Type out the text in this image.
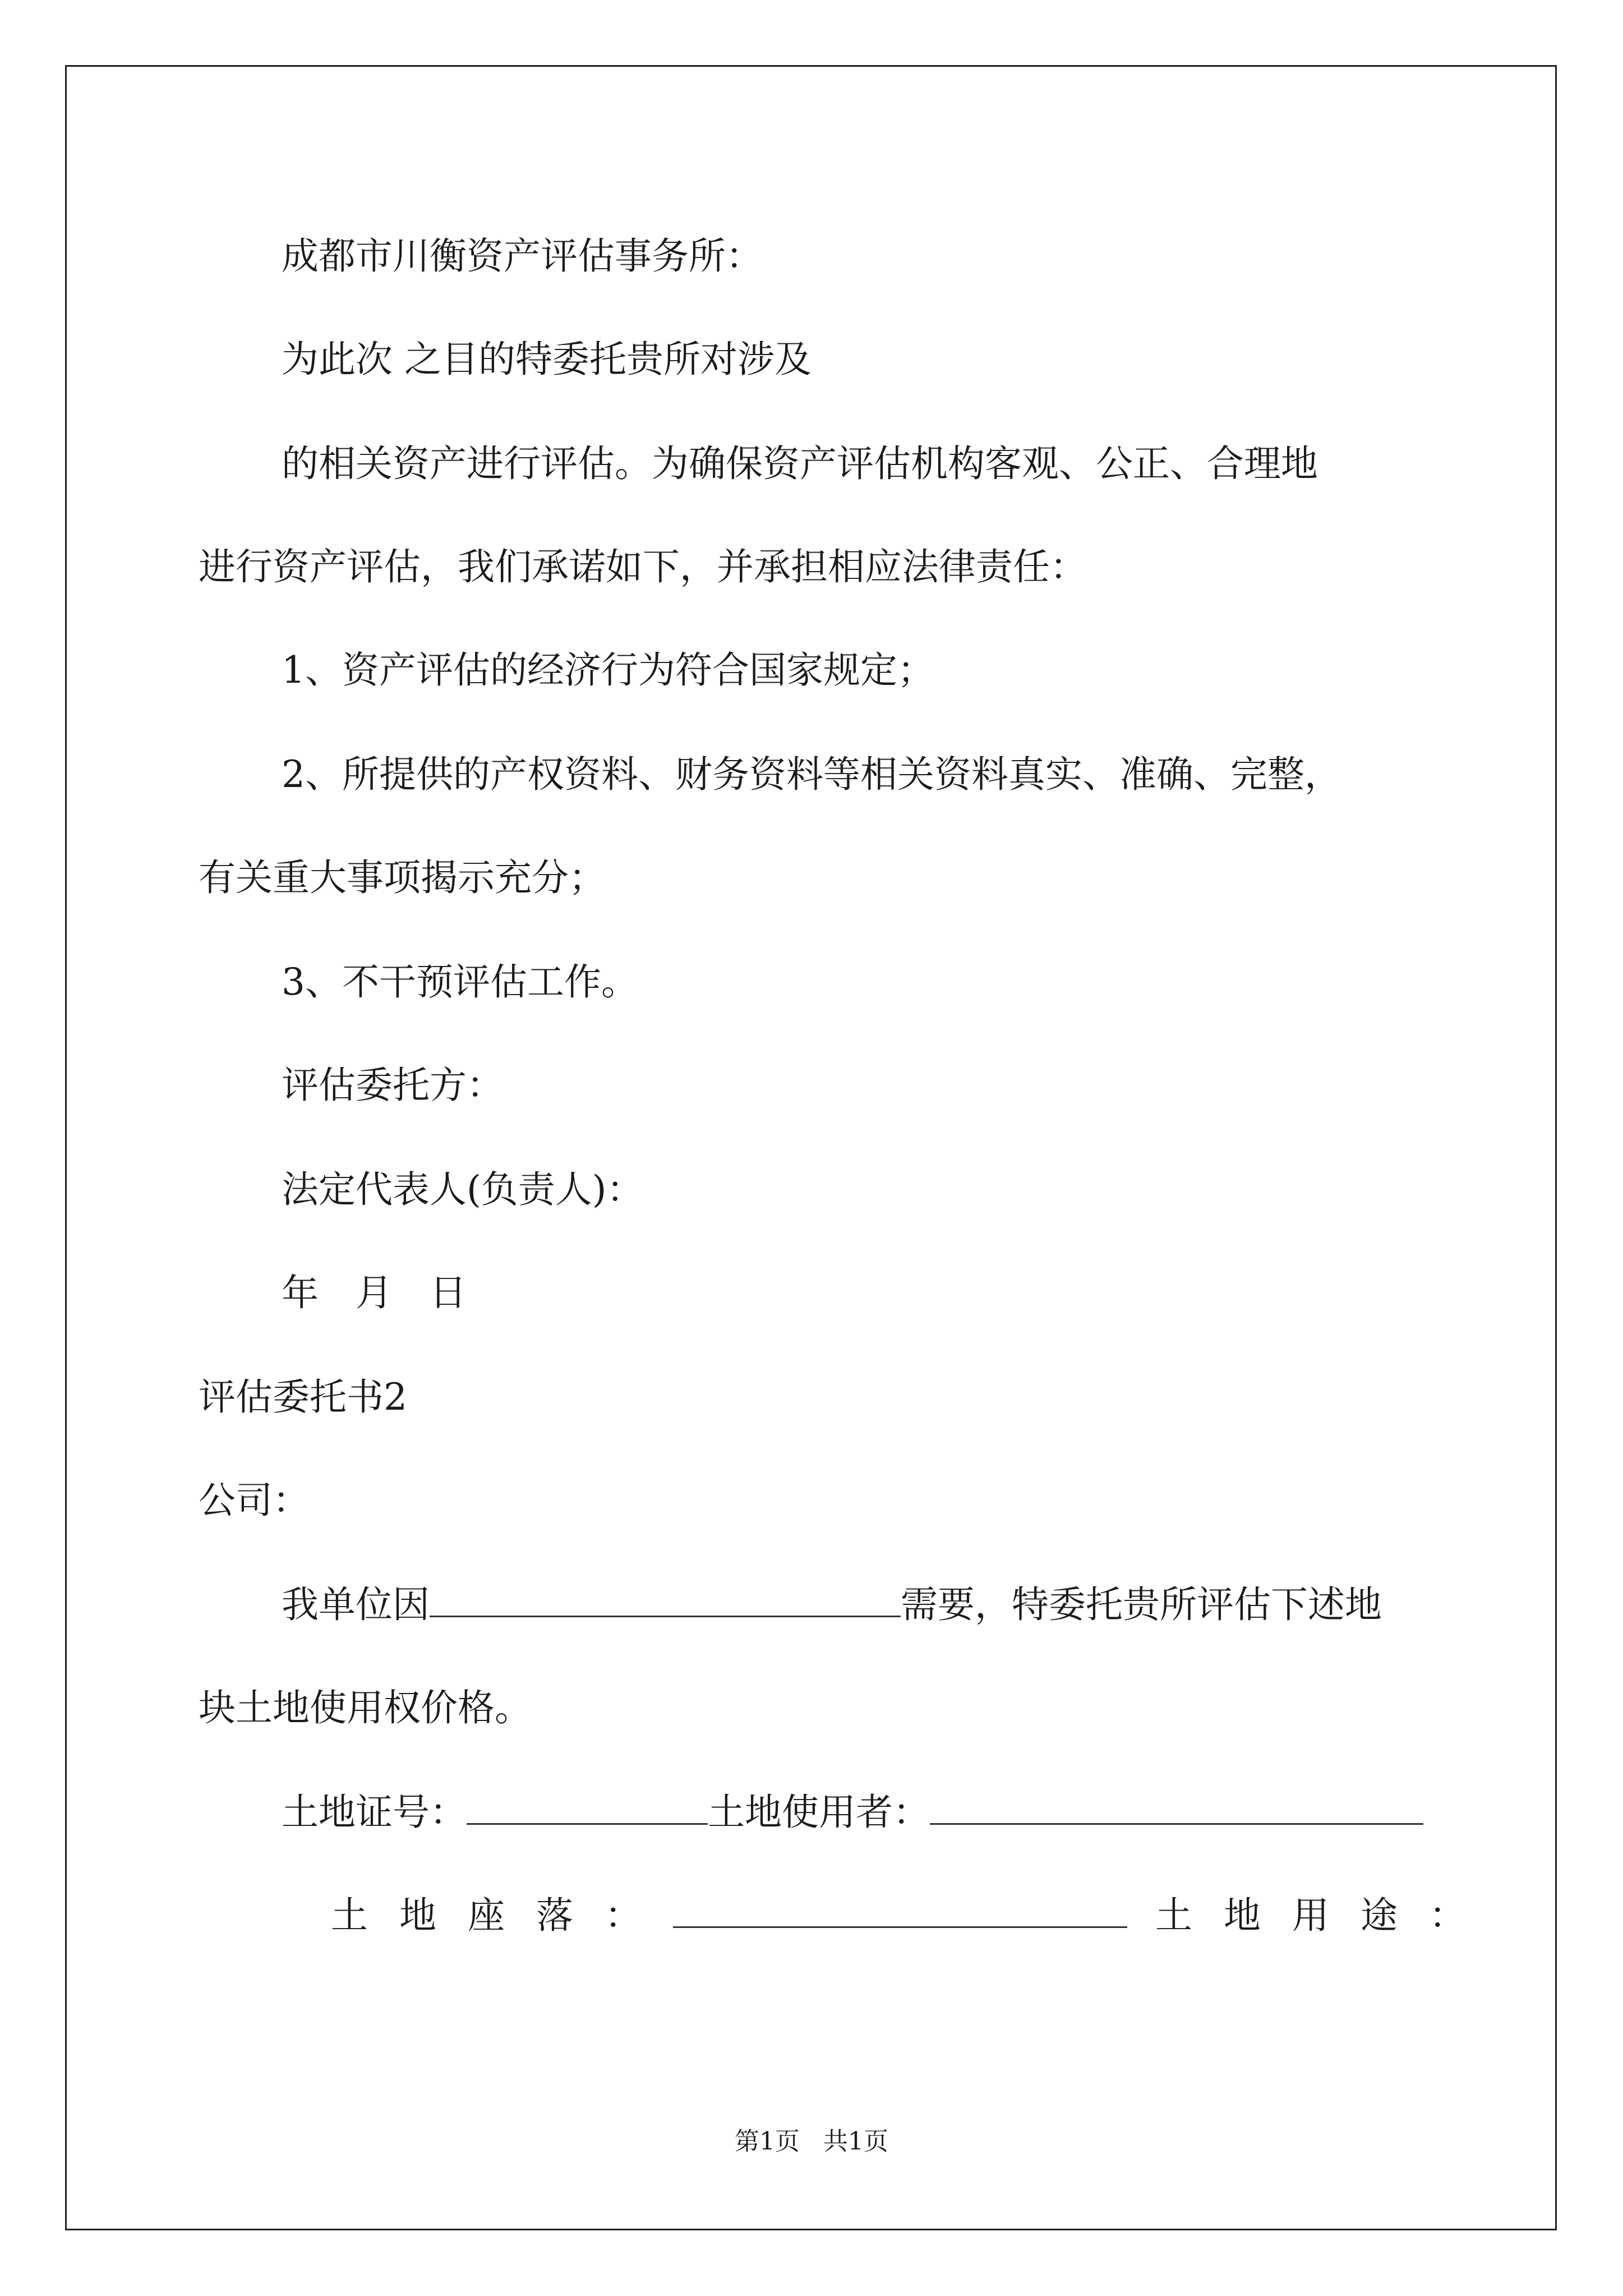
成都市川衡资产评估事务所：
为此次 之目的特委托贵所对涉及
的相关资产进行评估。为确保资产评估机构客观、公正、合理地
进行资产评估，我们承诺如下，并承担相应法律责任：
1、资产评估的经济行为符合国家规定；
2、所提供的产权资料、财务资料等相关资料真实、准确、完整，
有关重大事项揭示充分；
3、不干预评估工作。
评估委托方：
法定代表人(负责人)：
年  月  日
评估委托书2
公司：
我单位因	需要，特委托贵所评估下述地
块土地使用权价格。
土地证号：	土地使用者：
土地座落：	土地用途：
第1页   共1页
